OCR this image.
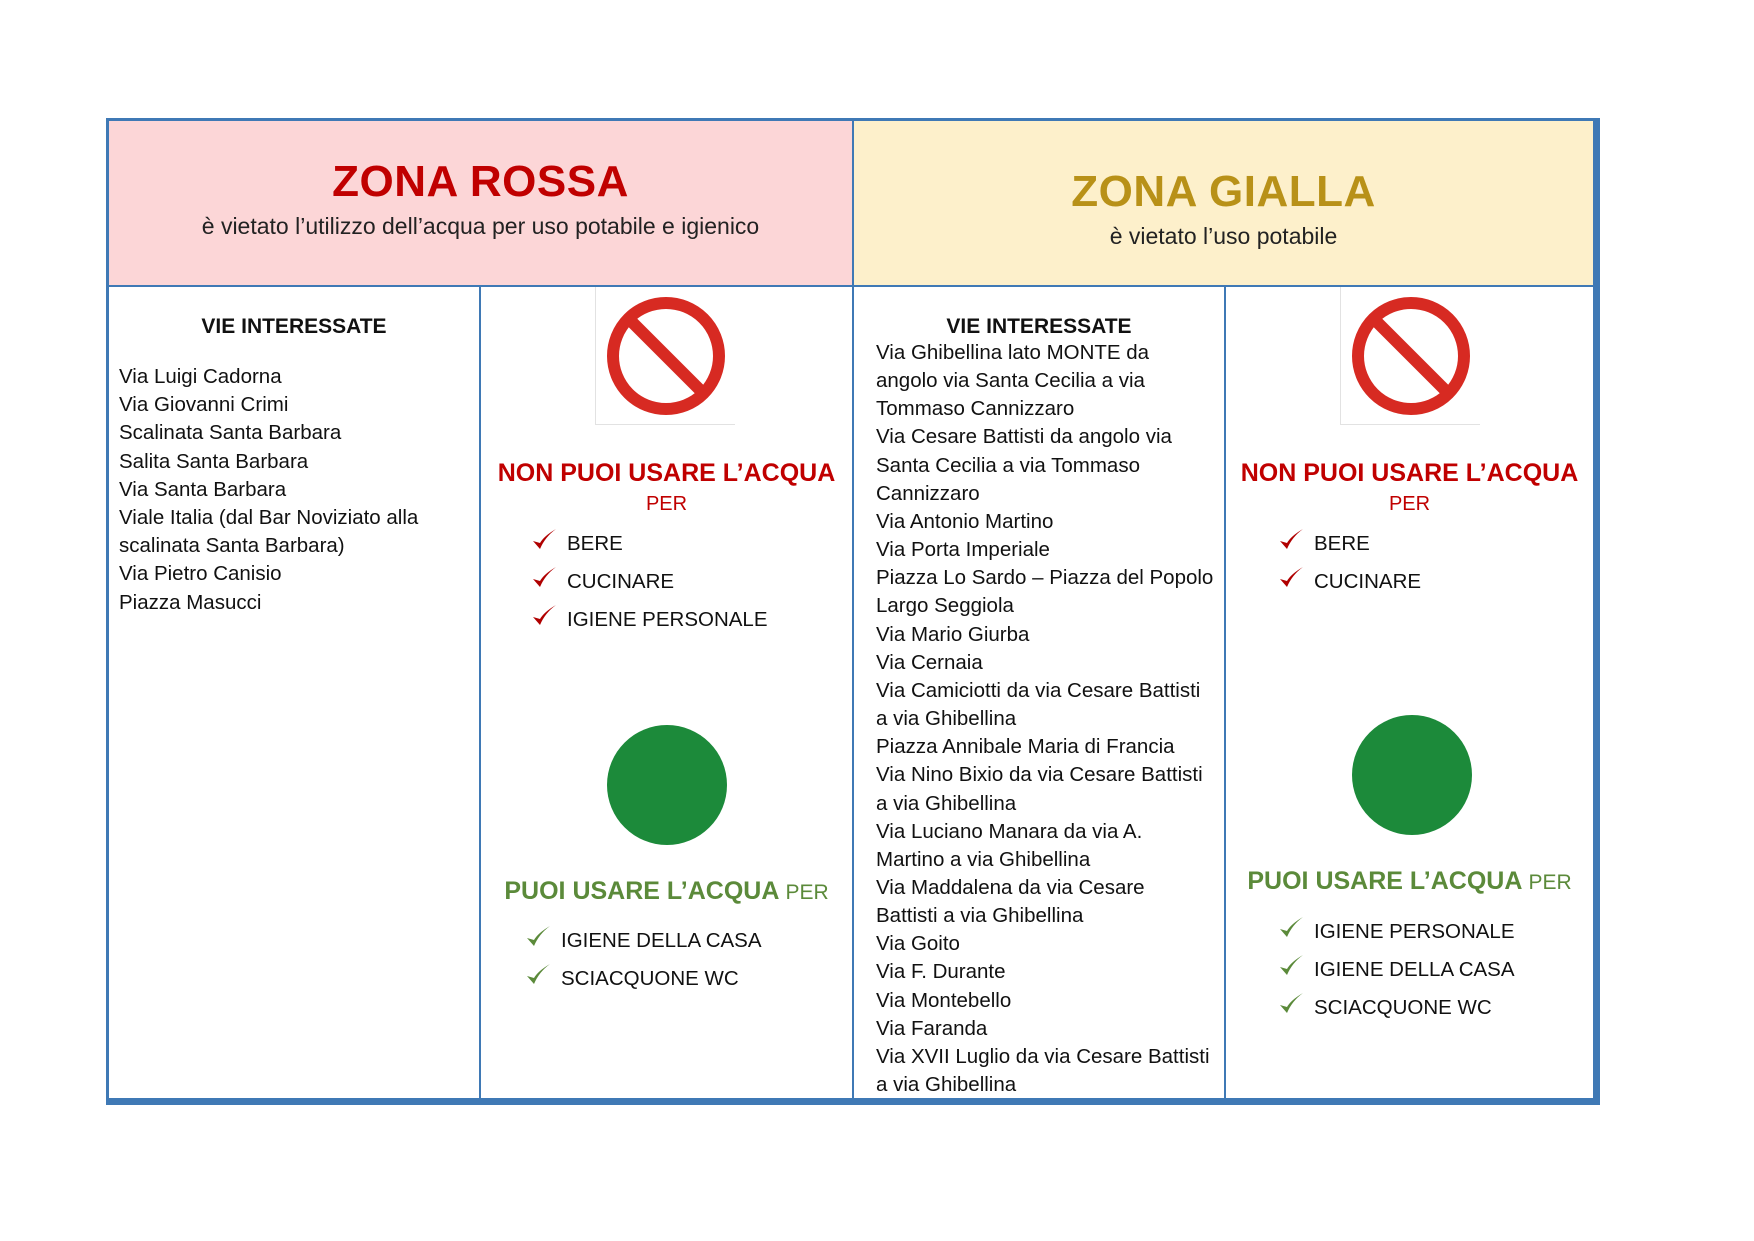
ZONA ROSSA
è vietato l’utilizzo dell’acqua per uso potabile e igienico
ZONA GIALLA
è vietato l’uso potabile
VIE INTERESSATE
Via Luigi Cadorna
Via Giovanni Crimi
Scalinata Santa Barbara
Salita Santa Barbara
Via Santa Barbara
Viale Italia (dal Bar Noviziato alla
scalinata Santa Barbara)
Via Pietro Canisio
Piazza Masucci
NON PUOI USARE L’ACQUA
PER
BERE
CUCINARE
IGIENE PERSONALE
PUOI USARE L’ACQUA PER
IGIENE DELLA CASA
SCIACQUONE WC
VIE INTERESSATE
Via Ghibellina lato MONTE da
angolo via Santa Cecilia a via
Tommaso Cannizzaro
Via Cesare Battisti da angolo via
Santa Cecilia a via Tommaso
Cannizzaro
Via Antonio Martino
Via Porta Imperiale
Piazza Lo Sardo – Piazza del Popolo
Largo Seggiola
Via Mario Giurba
Via Cernaia
Via Camiciotti da via Cesare Battisti
a via Ghibellina
Piazza Annibale Maria di Francia
Via Nino Bixio da via Cesare Battisti
a via Ghibellina
Via Luciano Manara da via A.
Martino a via Ghibellina
Via Maddalena da via Cesare
Battisti a via Ghibellina
Via Goito
Via F. Durante
Via Montebello
Via Faranda
Via XVII Luglio da via Cesare Battisti
a via Ghibellina
NON PUOI USARE L’ACQUA
PER
BERE
CUCINARE
PUOI USARE L’ACQUA PER
IGIENE PERSONALE
IGIENE DELLA CASA
SCIACQUONE WC
